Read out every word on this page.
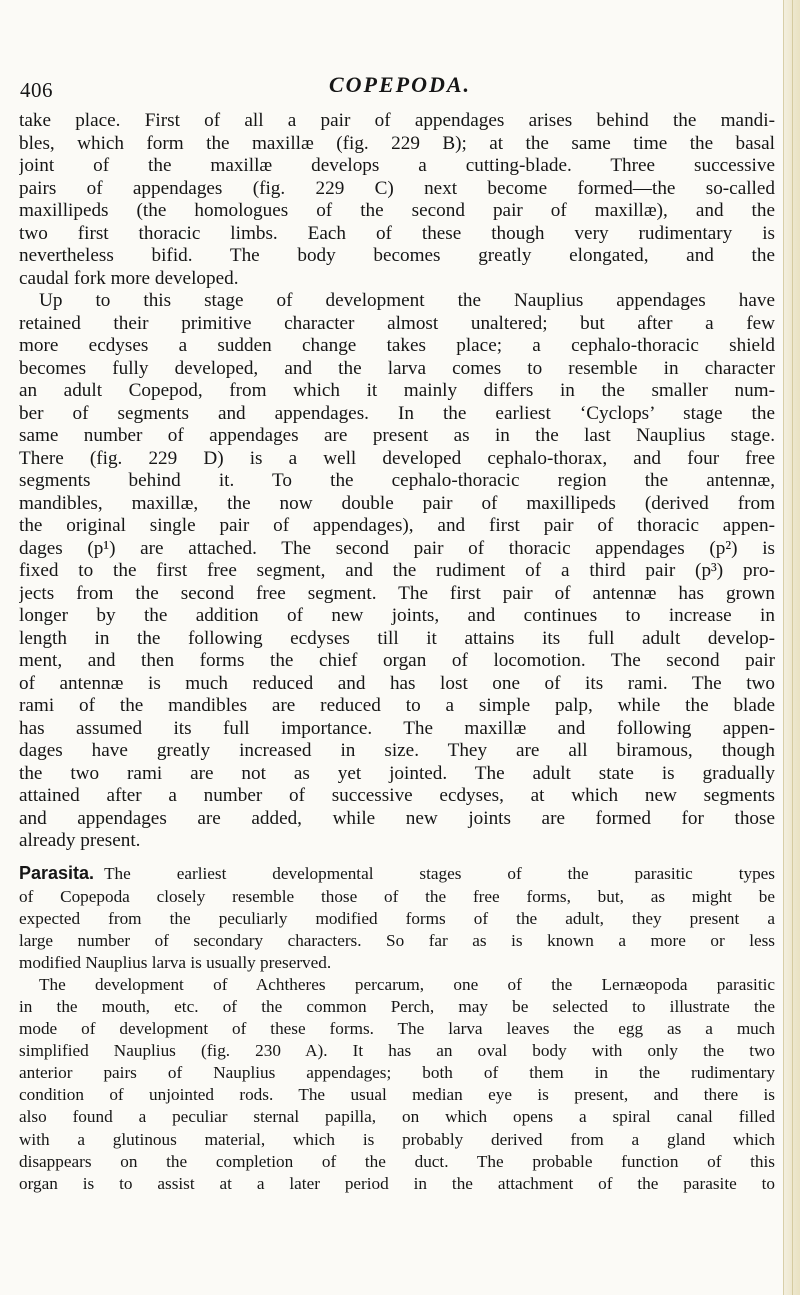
406	COPEPODA.
take place. First of all a pair of appendages arises behind the mandi-
bles, which form the maxillæ (fig. 229 B); at the same time the basal
joint of the maxillæ develops a cutting-blade. Three successive
pairs of appendages (fig. 229 C) next become formed—the so-called
maxillipeds (the homologues of the second pair of maxillæ), and the
two first thoracic limbs. Each of these though very rudimentary is
nevertheless bifid. The body becomes greatly elongated, and the
caudal fork more developed.
Up to this stage of development the Nauplius appendages have
retained their primitive character almost unaltered; but after a few
more ecdyses a sudden change takes place; a cephalo-thoracic shield
becomes fully developed, and the larva comes to resemble in character
an adult Copepod, from which it mainly differs in the smaller num-
ber of segments and appendages. In the earliest ‘Cyclops’ stage the
same number of appendages are present as in the last Nauplius stage.
There (fig. 229 D) is a well developed cephalo-thorax, and four free
segments behind it. To the cephalo-thoracic region the antennæ,
mandibles, maxillæ, the now double pair of maxillipeds (derived from
the original single pair of appendages), and first pair of thoracic appen-
dages (p¹) are attached. The second pair of thoracic appendages (p²) is
fixed to the first free segment, and the rudiment of a third pair (p³) pro-
jects from the second free segment. The first pair of antennæ has grown
longer by the addition of new joints, and continues to increase in
length in the following ecdyses till it attains its full adult develop-
ment, and then forms the chief organ of locomotion. The second pair
of antennæ is much reduced and has lost one of its rami. The two
rami of the mandibles are reduced to a simple palp, while the blade
has assumed its full importance. The maxillæ and following appen-
dages have greatly increased in size. They are all biramous, though
the two rami are not as yet jointed. The adult state is gradually
attained after a number of successive ecdyses, at which new segments
and appendages are added, while new joints are formed for those
already present.
Parasita. The earliest developmental stages of the parasitic types
of Copepoda closely resemble those of the free forms, but, as might be
expected from the peculiarly modified forms of the adult, they present a
large number of secondary characters. So far as is known a more or less
modified Nauplius larva is usually preserved.
The development of Achtheres percarum, one of the Lernæopoda parasitic
in the mouth, etc. of the common Perch, may be selected to illustrate the
mode of development of these forms. The larva leaves the egg as a much
simplified Nauplius (fig. 230 A). It has an oval body with only the two
anterior pairs of Nauplius appendages; both of them in the rudimentary
condition of unjointed rods. The usual median eye is present, and there is
also found a peculiar sternal papilla, on which opens a spiral canal filled
with a glutinous material, which is probably derived from a gland which
disappears on the completion of the duct. The probable function of this
organ is to assist at a later period in the attachment of the parasite to
